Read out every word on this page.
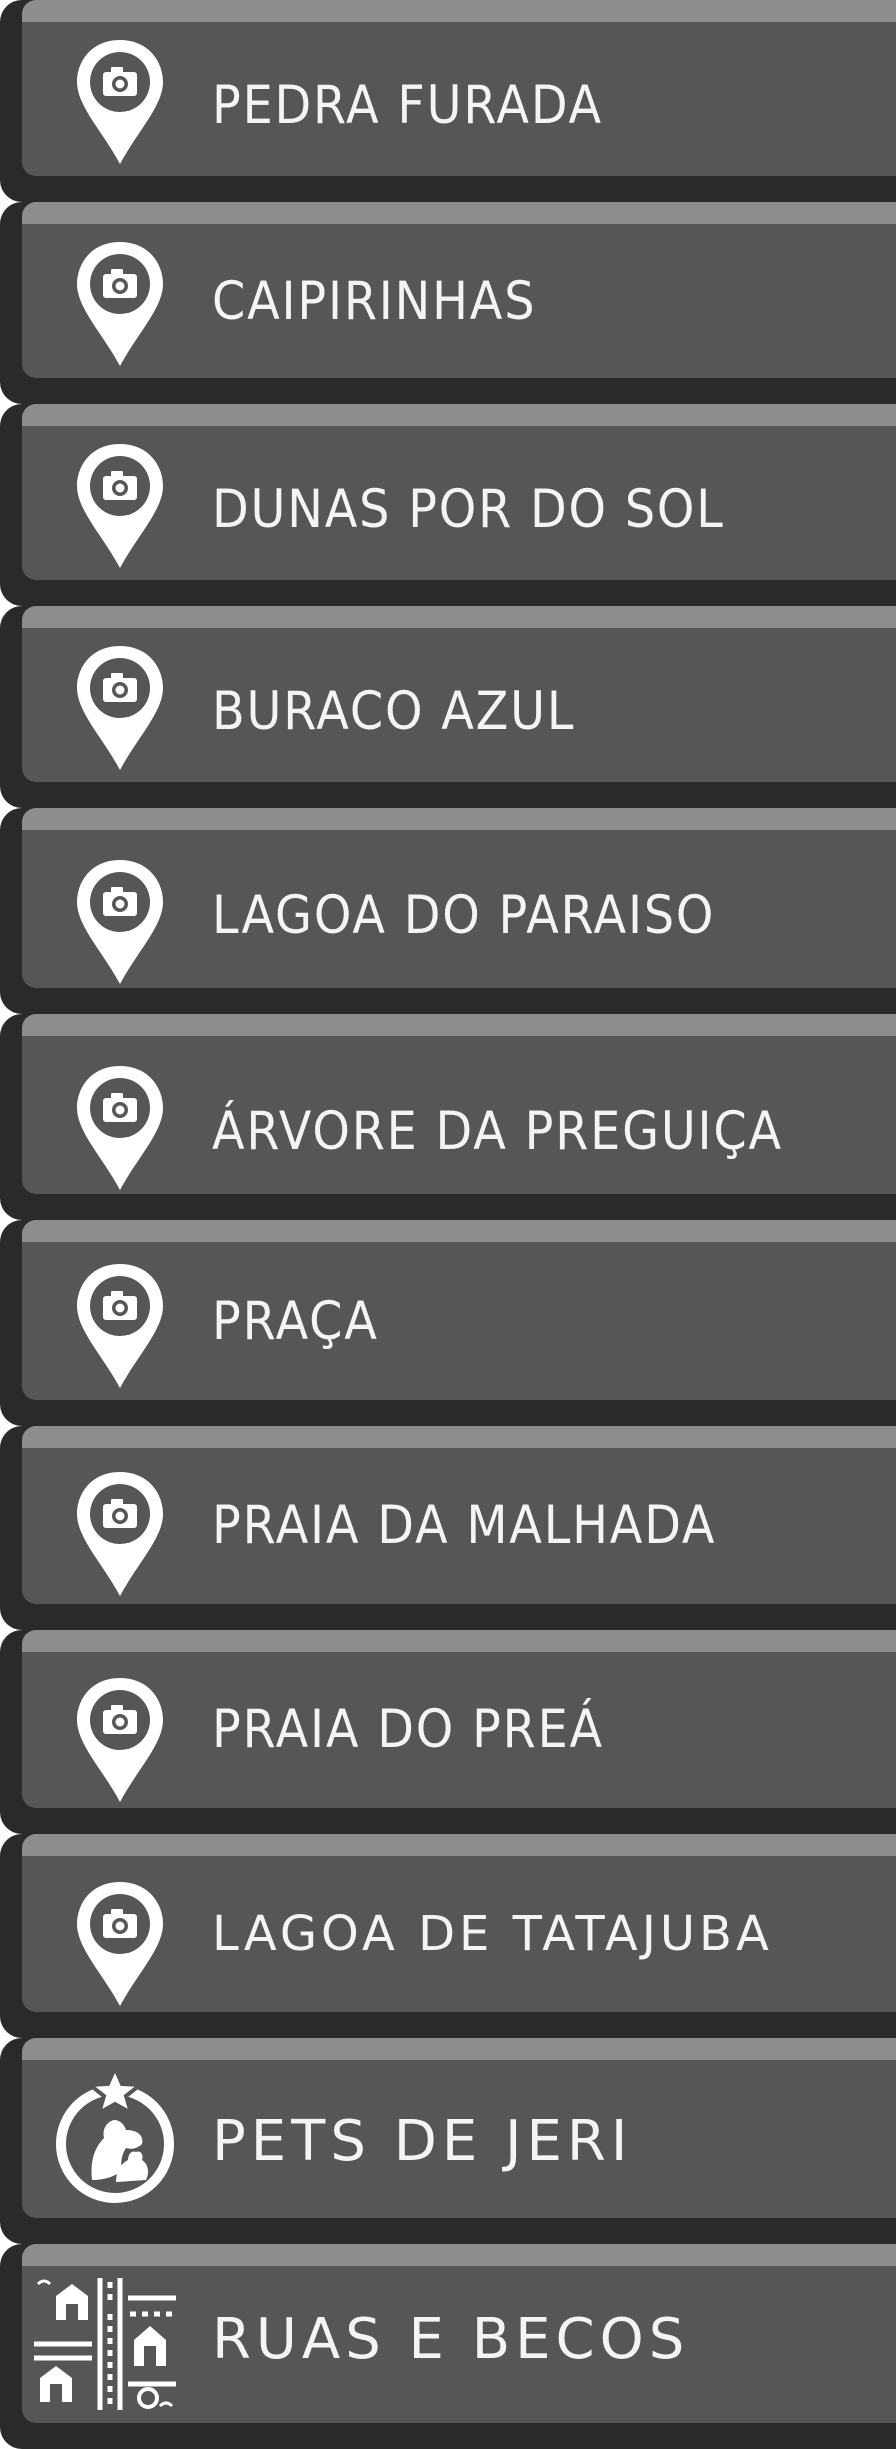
PEDRA FURADA
CAIPIRINHAS
DUNAS POR DO SOL
BURACO AZUL
LAGOA DO PARAISO
ÁRVORE DA PREGUIÇA
PRAÇA
PRAIA DA MALHADA
PRAIA DO PREÁ
LAGOA DE TATAJUBA
PETS DE JERI
RUAS E BECOS
